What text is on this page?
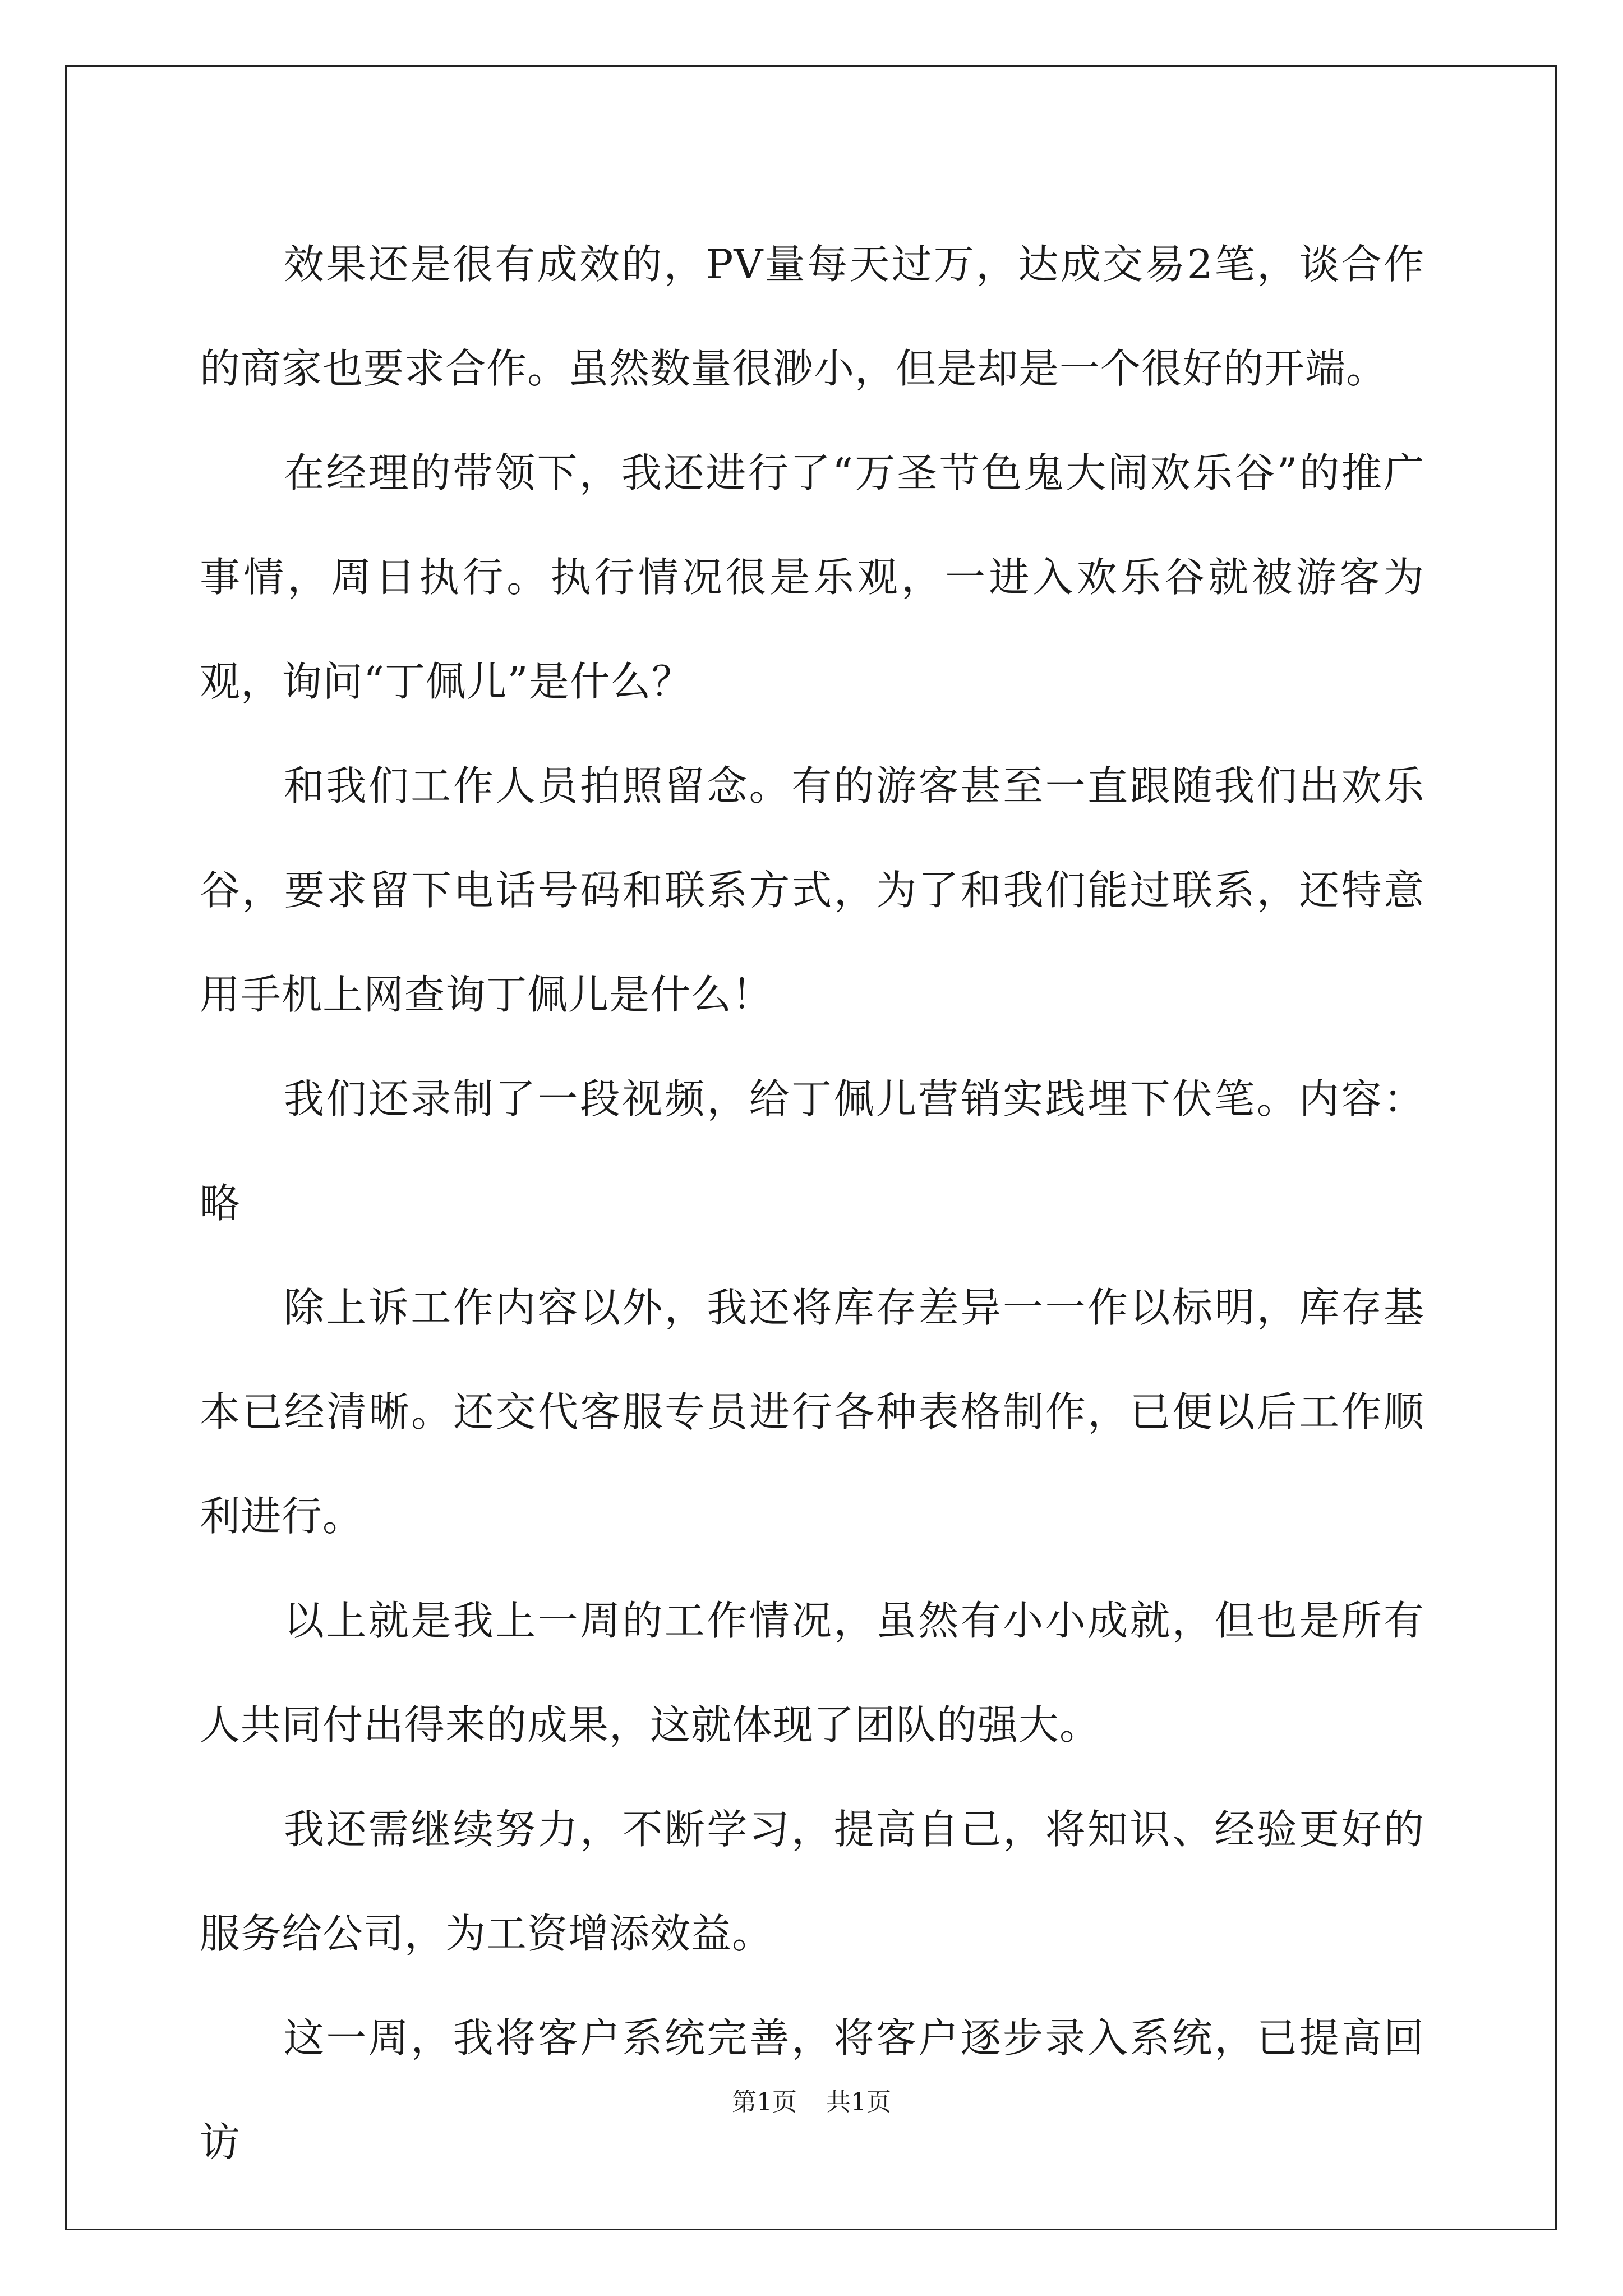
效果还是很有成效的，PV量每天过万，达成交易2笔，谈合作的商家也要求合作。虽然数量很渺小，但是却是一个很好的开端。

在经理的带领下，我还进行了“万圣节色鬼大闹欢乐谷”的推广事情，周日执行。执行情况很是乐观，一进入欢乐谷就被游客为观，询问“丁佩儿”是什么？

和我们工作人员拍照留念。有的游客甚至一直跟随我们出欢乐谷，要求留下电话号码和联系方式，为了和我们能过联系，还特意用手机上网查询丁佩儿是什么！

我们还录制了一段视频，给丁佩儿营销实践埋下伏笔。内容：略

除上诉工作内容以外，我还将库存差异一一作以标明，库存基本已经清晰。还交代客服专员进行各种表格制作，已便以后工作顺利进行。

以上就是我上一周的工作情况，虽然有小小成就，但也是所有人共同付出得来的成果，这就体现了团队的强大。

我还需继续努力，不断学习，提高自己，将知识、经验更好的服务给公司，为工资增添效益。

这一周，我将客户系统完善，将客户逐步录入系统，已提高回访

第1页 共1页
